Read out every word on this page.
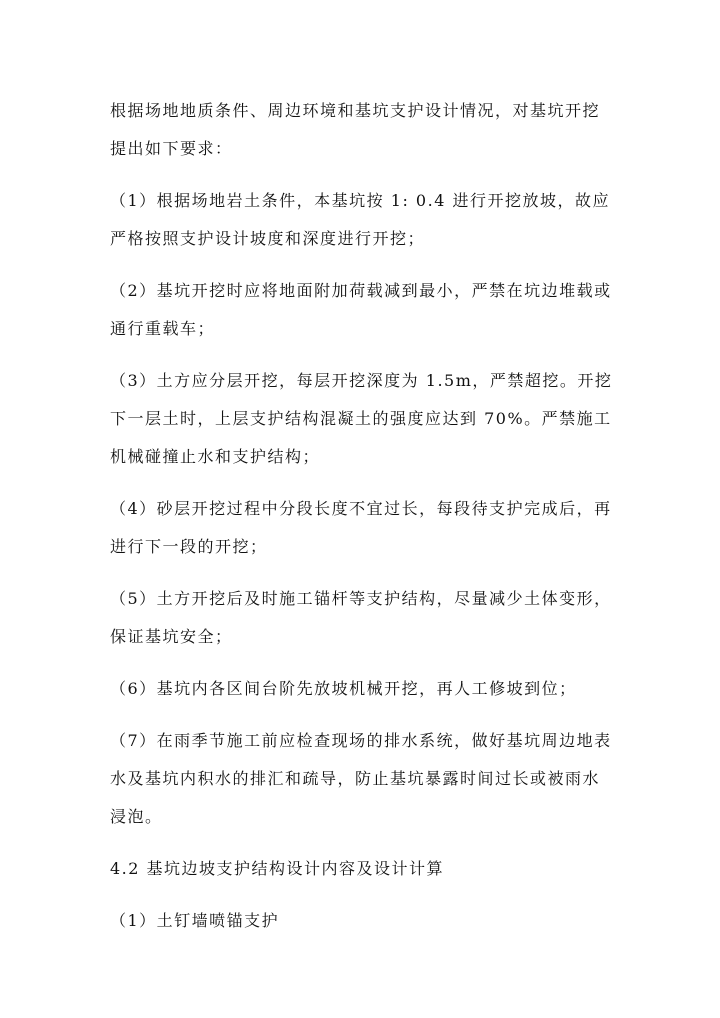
根据场地地质条件、周边环境和基坑支护设计情况，对基坑开挖提出如下要求：

（1）根据场地岩土条件，本基坑按 1: 0.4 进行开挖放坡，故应严格按照支护设计坡度和深度进行开挖；

（2）基坑开挖时应将地面附加荷载减到最小，严禁在坑边堆载或通行重载车；

（3）土方应分层开挖，每层开挖深度为 1.5m，严禁超挖。开挖下一层土时，上层支护结构混凝土的强度应达到 70%。严禁施工机械碰撞止水和支护结构；

（4）砂层开挖过程中分段长度不宜过长，每段待支护完成后，再进行下一段的开挖；

（5）土方开挖后及时施工锚杆等支护结构，尽量减少土体变形，保证基坑安全；

（6）基坑内各区间台阶先放坡机械开挖，再人工修坡到位；

（7）在雨季节施工前应检查现场的排水系统，做好基坑周边地表水及基坑内积水的排汇和疏导，防止基坑暴露时间过长或被雨水浸泡。

4.2 基坑边坡支护结构设计内容及设计计算

（1）土钉墙喷锚支护
